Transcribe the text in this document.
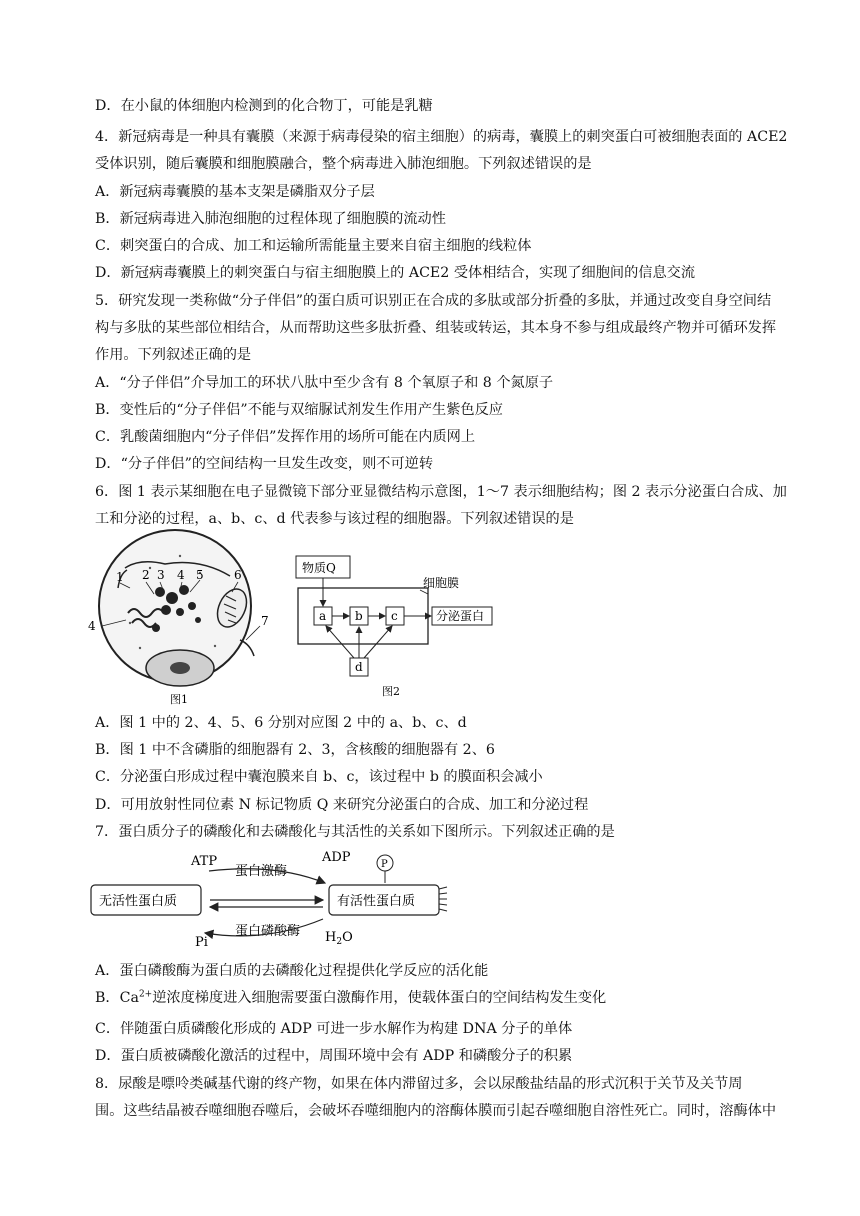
D．在小鼠的体细胞内检测到的化合物丁，可能是乳糖
4．新冠病毒是一种具有囊膜（来源于病毒侵染的宿主细胞）的病毒，囊膜上的刺突蛋白可被细胞表面的 ACE2
受体识别，随后囊膜和细胞膜融合，整个病毒进入肺泡细胞。下列叙述错误的是
A．新冠病毒囊膜的基本支架是磷脂双分子层
B．新冠病毒进入肺泡细胞的过程体现了细胞膜的流动性
C．刺突蛋白的合成、加工和运输所需能量主要来自宿主细胞的线粒体
D．新冠病毒囊膜上的刺突蛋白与宿主细胞膜上的 ACE2 受体相结合，实现了细胞间的信息交流
5．研究发现一类称做“分子伴侣”的蛋白质可识别正在合成的多肽或部分折叠的多肽，并通过改变自身空间结
构与多肽的某些部位相结合，从而帮助这些多肽折叠、组装或转运，其本身不参与组成最终产物并可循环发挥
作用。下列叙述正确的是
A．“分子伴侣”介导加工的环状八肽中至少含有 8 个氧原子和 8 个氮原子
B．变性后的“分子伴侣”不能与双缩脲试剂发生作用产生紫色反应
C．乳酸菌细胞内“分子伴侣”发挥作用的场所可能在内质网上
D．“分子伴侣”的空间结构一旦发生改变，则不可逆转
6．图 1 表示某细胞在电子显微镜下部分亚显微结构示意图，1～7 表示细胞结构；图 2 表示分泌蛋白合成、加
工和分泌的过程，a、b、c、d 代表参与该过程的细胞器。下列叙述错误的是
A．图 1 中的 2、4、5、6 分别对应图 2 中的 a、b、c、d
B．图 1 中不含磷脂的细胞器有 2、3，含核酸的细胞器有 2、6
C．分泌蛋白形成过程中囊泡膜来自 b、c，该过程中 b 的膜面积会减小
D．可用放射性同位素 N 标记物质 Q 来研究分泌蛋白的合成、加工和分泌过程
7．蛋白质分子的磷酸化和去磷酸化与其活性的关系如下图所示。下列叙述正确的是
A．蛋白磷酸酶为蛋白质的去磷酸化过程提供化学反应的活化能
C．伴随蛋白质磷酸化形成的 ADP 可进一步水解作为构建 DNA 分子的单体
D．蛋白质被磷酸化激活的过程中，周围环境中会有 ADP 和磷酸分子的积累
8．尿酸是嘌呤类碱基代谢的终产物，如果在体内滞留过多，会以尿酸盐结晶的形式沉积于关节及关节周
围。这些结晶被吞噬细胞吞噬后，会破坏吞噬细胞内的溶酶体膜而引起吞噬细胞自溶性死亡。同时，溶酶体中
B．$Ca^{2+}$逆浓度梯度进入细胞需要蛋白激酶作用，使载体蛋白的空间结构发生变化
1 2 3 4 5	6
4	7
图1
物质Q
细胞膜
a b c	分泌蛋白
d
图2
ATP	ADP	P
蛋白激酶
无活性蛋白质	有活性蛋白质
蛋白磷酸酶
Pi	$H_2O$
